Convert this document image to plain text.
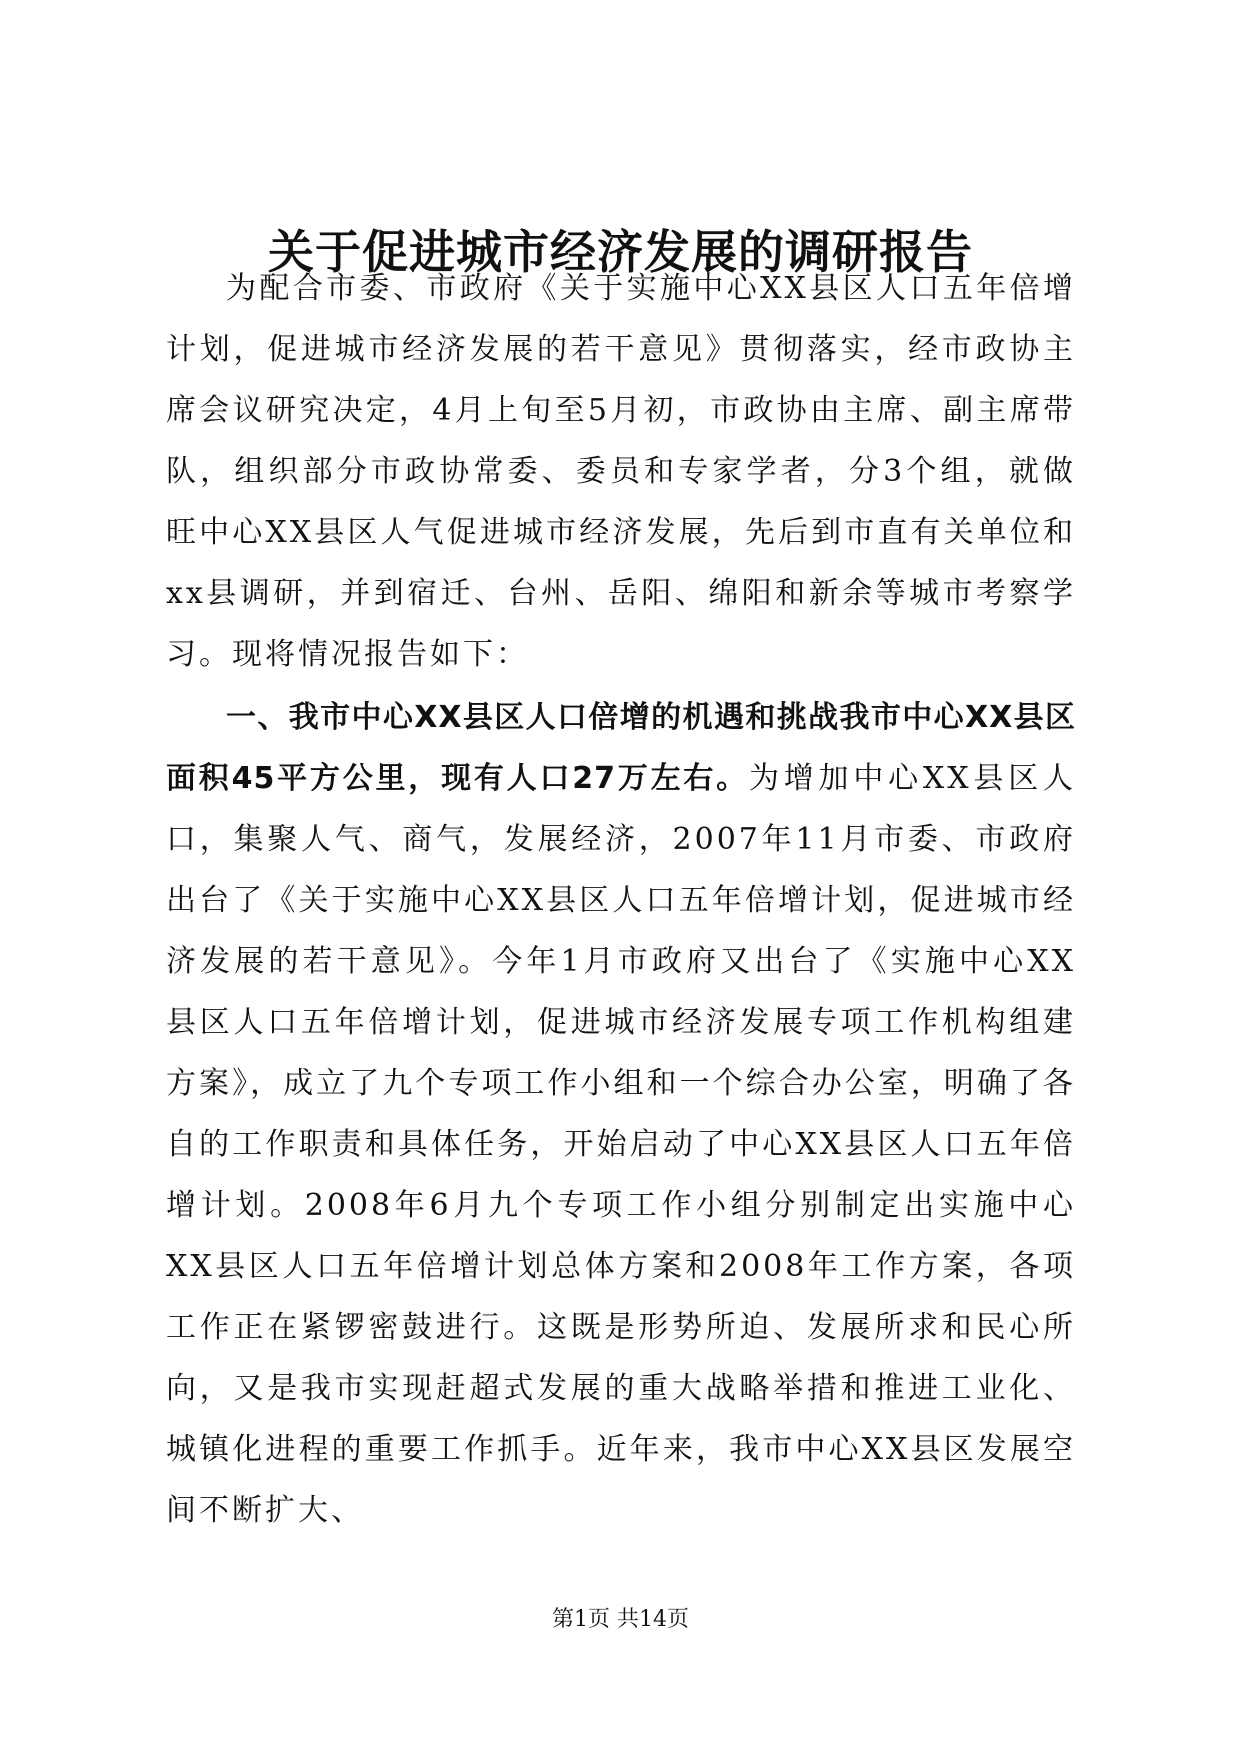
关于促进城市经济发展的调研报告

为配合市委、市政府《关于实施中心XX县区人口五年倍增计划，促进城市经济发展的若干意见》贯彻落实，经市政协主席会议研究决定，4月上旬至5月初，市政协由主席、副主席带队，组织部分市政协常委、委员和专家学者，分3个组，就做旺中心XX县区人气促进城市经济发展，先后到市直有关单位和xx县调研，并到宿迁、台州、岳阳、绵阳和新余等城市考察学习。现将情况报告如下：

一、我市中心XX县区人口倍增的机遇和挑战我市中心XX县区面积45平方公里，现有人口27万左右。为增加中心XX县区人口，集聚人气、商气，发展经济，2007年11月市委、市政府出台了《关于实施中心XX县区人口五年倍增计划，促进城市经济发展的若干意见》。今年1月市政府又出台了《实施中心XX县区人口五年倍增计划，促进城市经济发展专项工作机构组建方案》，成立了九个专项工作小组和一个综合办公室，明确了各自的工作职责和具体任务，开始启动了中心XX县区人口五年倍增计划。2008年6月九个专项工作小组分别制定出实施中心XX县区人口五年倍增计划总体方案和2008年工作方案，各项工作正在紧锣密鼓进行。这既是形势所迫、发展所求和民心所向，又是我市实现赶超式发展的重大战略举措和推进工业化、城镇化进程的重要工作抓手。近年来，我市中心XX县区发展空间不断扩大、

第1页 共14页
